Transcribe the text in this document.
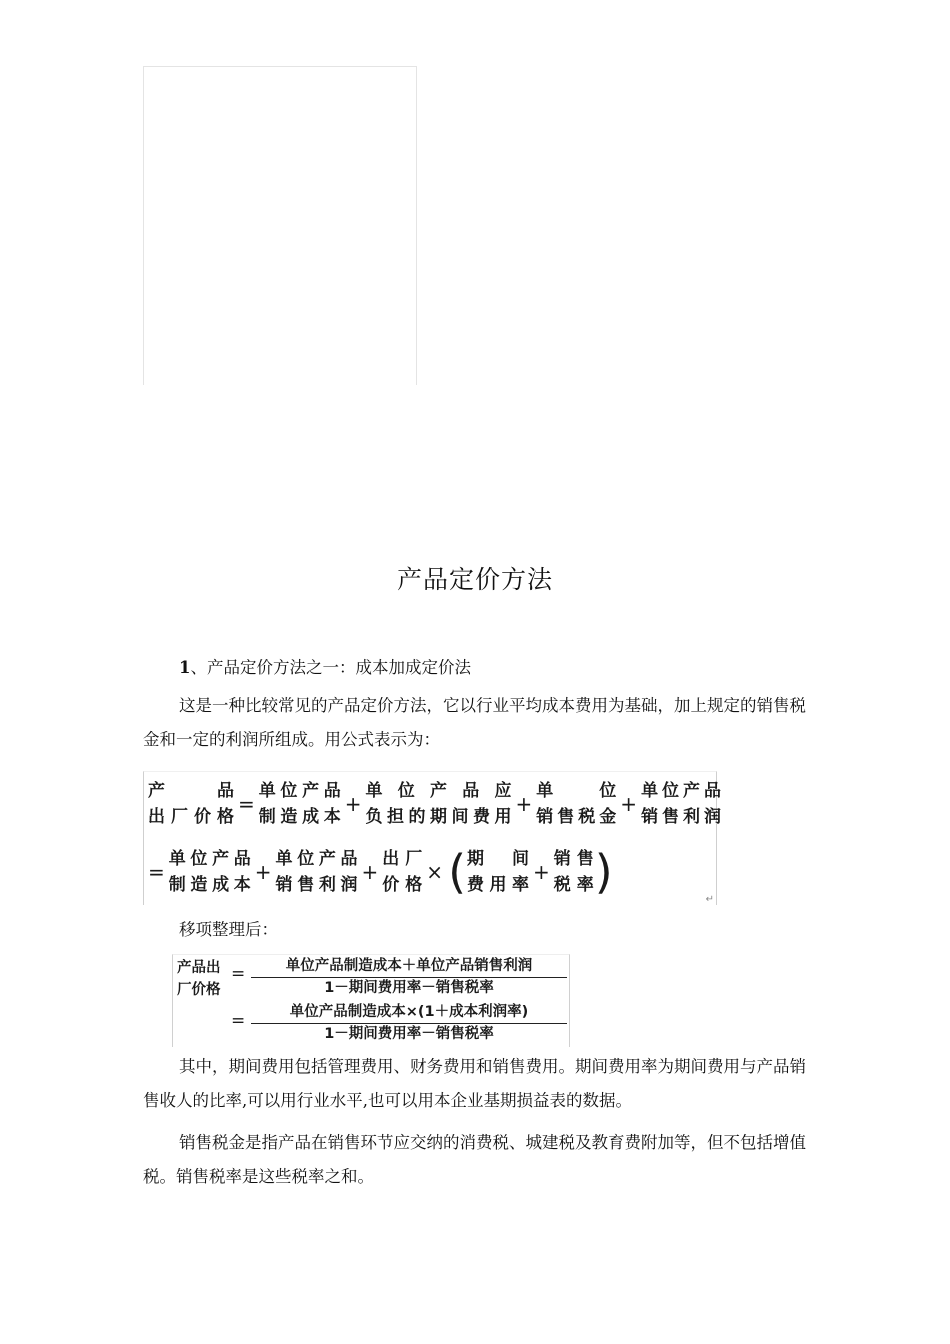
产品定价方法

1、产品定价方法之一：成本加成定价法

这是一种比较常见的产品定价方法，它以行业平均成本费用为基础，加上规定的销售税金和一定的利润所组成。用公式表示为：

产　　品
出厂价格
=
单位产品
制造成本
+
单位产品应
负担的期间费用
+
单　　位
销售税金
+
单位产品
销售利润
=
单位产品
制造成本
+
单位产品
销售利润
+
出厂
价格
× ( 期　间
费用率
+
销售
税率 )
↵

移项整理后：

产品出
厂价格
=	单位产品制造成本＋单位产品销售利润
1－期间费用率－销售税率
=	单位产品制造成本×(1＋成本利润率)
1－期间费用率－销售税率

其中，期间费用包括管理费用、财务费用和销售费用。期间费用率为期间费用与产品销售收人的比率,可以用行业水平,也可以用本企业基期损益表的数据。

销售税金是指产品在销售环节应交纳的消费税、城建税及教育费附加等，但不包括增值税。销售税率是这些税率之和。
